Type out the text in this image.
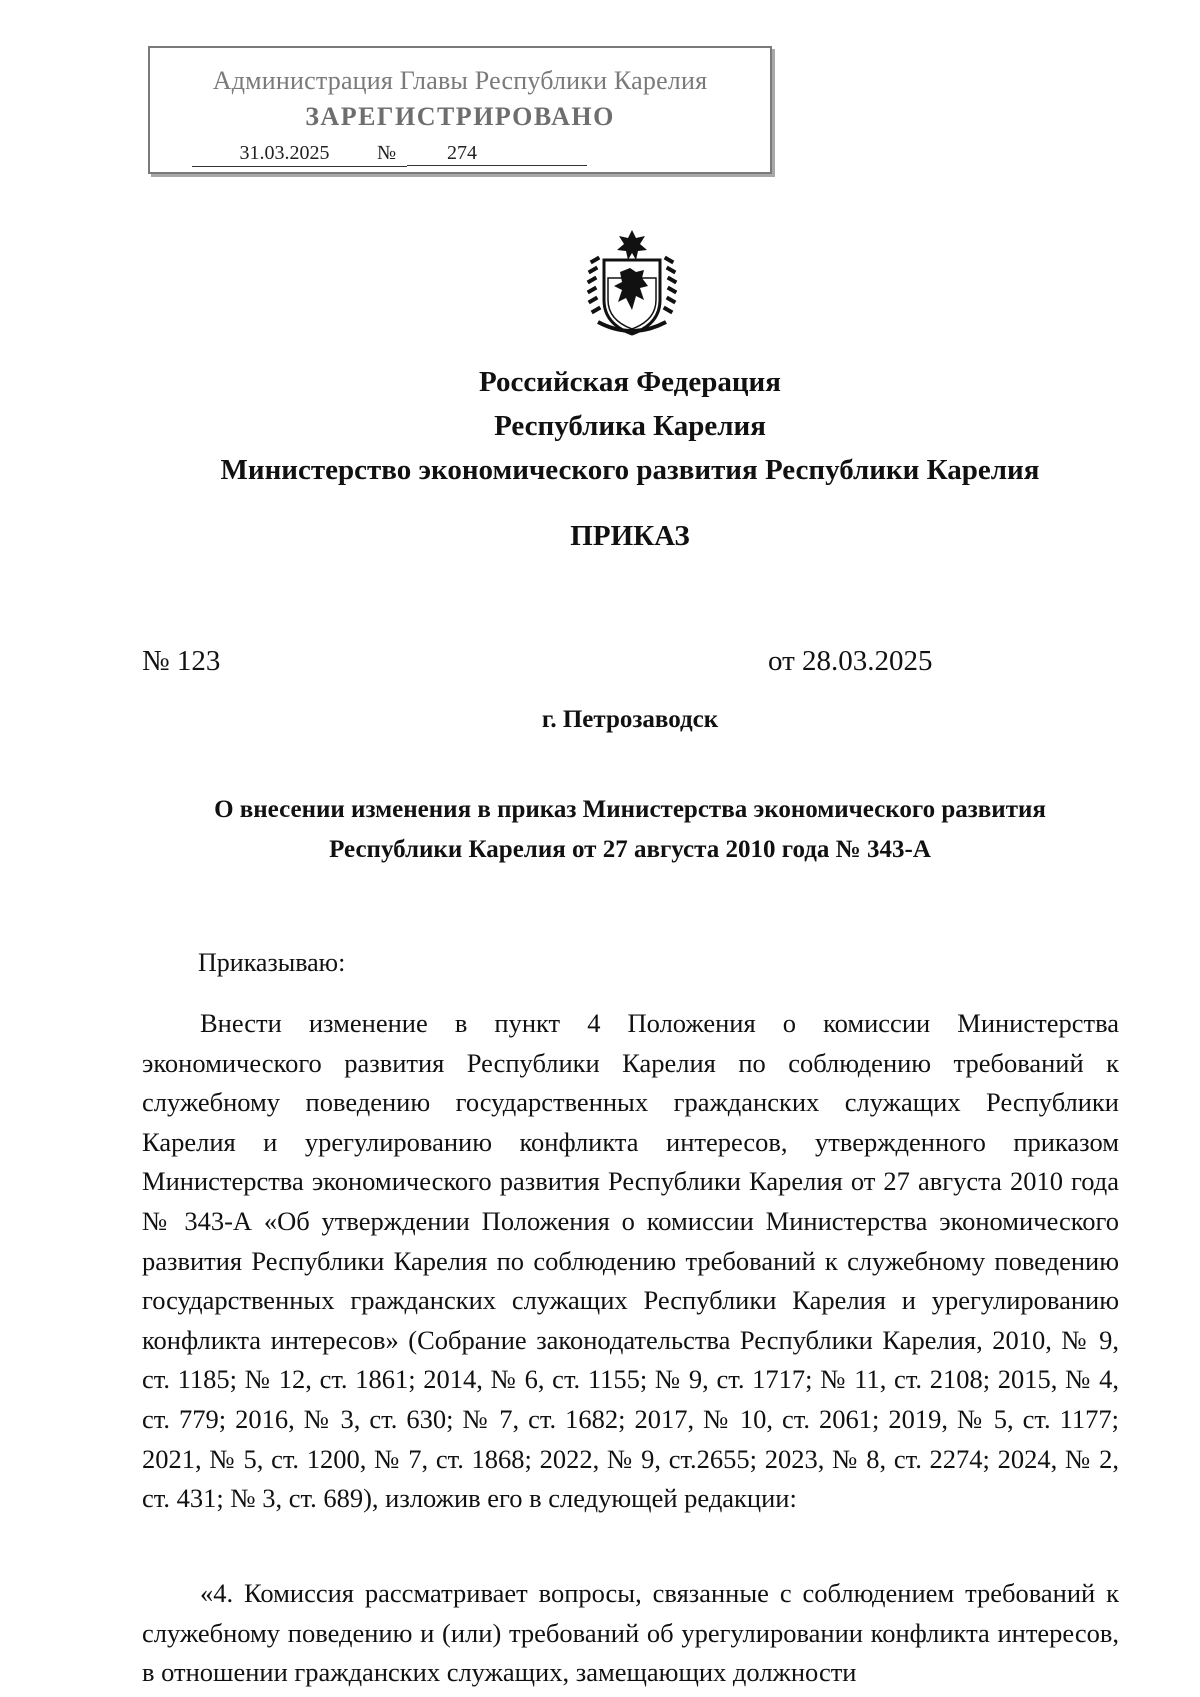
Администрация Главы Республики Карелия
ЗАРЕГИСТРИРОВАНО
31.03.2025	№	274
Российская Федерация
Республика Карелия
Министерство экономического развития Республики Карелия
ПРИКАЗ
№ 123	от 28.03.2025
г. Петрозаводск
О внесении изменения в приказ Министерства экономического развития
Республики Карелия от 27 августа 2010 года № 343-А
Приказываю:
Внести изменение в пункт 4 Положения о комиссии Министерства экономического развития Республики Карелия по соблюдению требований к служебному поведению государственных гражданских служащих Республики Карелия и урегулированию конфликта интересов, утвержденного приказом Министерства экономического развития Республики Карелия от 27 августа 2010 года № 343-А «Об утверждении Положения о комиссии Министерства экономического развития Республики Карелия по соблюдению требований к служебному поведению государственных гражданских служащих Республики Карелия и урегулированию конфликта интересов» (Собрание законодательства Республики Карелия, 2010, № 9, ст. 1185; № 12, ст. 1861; 2014, № 6, ст. 1155; № 9, ст. 1717; № 11, ст. 2108; 2015, № 4, ст. 779; 2016, № 3, ст. 630; № 7, ст. 1682; 2017, № 10, ст. 2061; 2019, № 5, ст. 1177; 2021, № 5, ст. 1200, № 7, ст. 1868; 2022, № 9, ст.2655; 2023, № 8, ст. 2274; 2024, № 2, ст. 431; № 3, ст. 689), изложив его в следующей редакции:
«4. Комиссия рассматривает вопросы, связанные с соблюдением требований к служебному поведению и (или) требований об урегулировании конфликта интересов, в отношении гражданских служащих, замещающих должности
